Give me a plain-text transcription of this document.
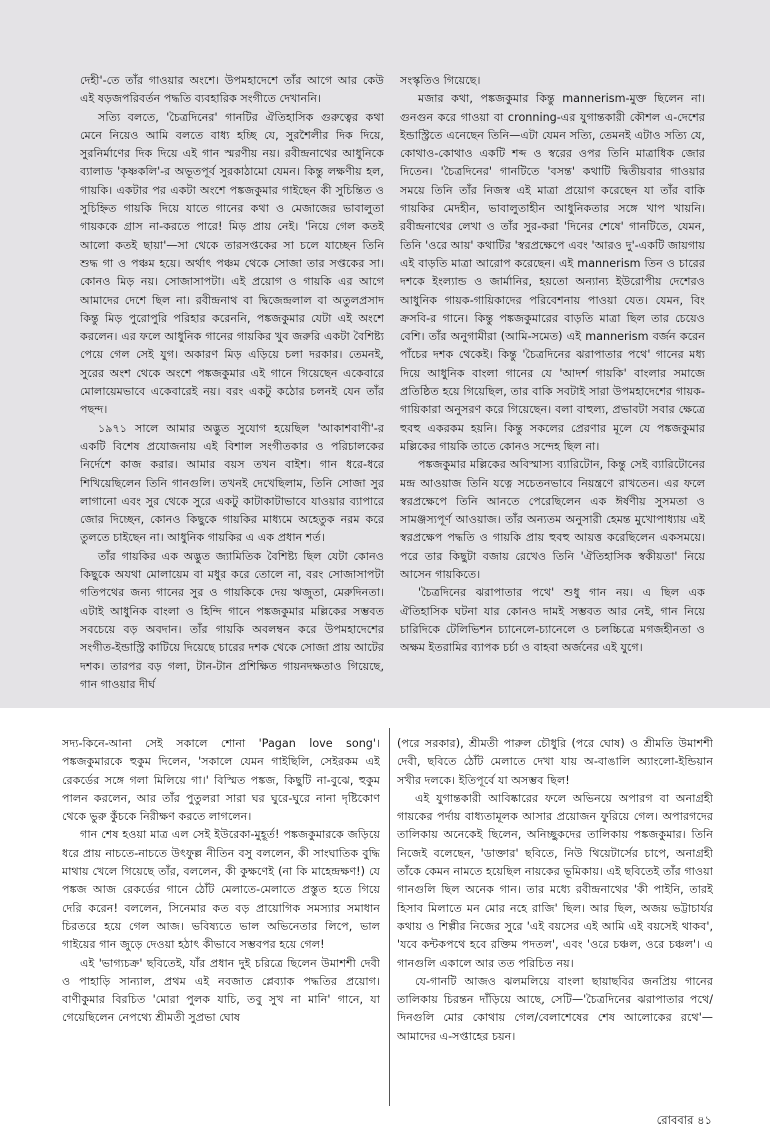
দেহী'-তে তাঁর গাওয়ার অংশে। উপমহাদেশে তাঁর আগে আর কেউ এই ষড়জপরিবর্তন পদ্ধতি ব্যবহারিক সংগীতে দেখাননি।

সত্যি বলতে, 'চৈত্রদিনের' গানটির ঐতিহাসিক গুরুত্বের কথা মেনে নিয়েও আমি বলতে বাধ্য হচ্ছি যে, সুরশৈলীর দিক দিয়ে, সুরনির্মাণের দিক দিয়ে এই গান স্মরণীয় নয়। রবীন্দ্রনাথের আধুনিকে ব্যালাড 'কৃষ্ণকলি'-র অভূতপূর্ব সুরকাঠামো যেমন। কিন্তু লক্ষণীয় হল, গায়কি। একটার পর একটা অংশে পঙ্কজকুমার গাইছেন কী সুচিন্তিত ও সুচিহ্নিত গায়কি দিয়ে যাতে গানের কথা ও মেজাজের ভাবালুতা গায়ককে গ্রাস না-করতে পারে! মিড় প্রায় নেই। 'নিয়ে গেল কতই আলো কতই ছায়া'—সা থেকে তারসপ্তকের সা চলে যাচ্ছেন তিনি শুদ্ধ গা ও পঞ্চম হয়ে। অর্থাৎ পঞ্চম থেকে সোজা তার সপ্তকের সা। কোনও মিড় নয়। সোজাসাপটা। এই প্রয়োগ ও গায়কি এর আগে আমাদের দেশে ছিল না। রবীন্দ্রনাথ বা দ্বিজেন্দ্রলাল বা অতুলপ্রসাদ কিন্তু মিড় পুরোপুরি পরিহার করেননি, পঙ্কজকুমার যেটা এই অংশে করলেন। এর ফলে আধুনিক গানের গায়কির খুব জরুরি একটা বৈশিষ্ট্য পেয়ে গেল সেই যুগ। অকারণ মিড় এড়িয়ে চলা দরকার। তেমনই, সুরের অংশ থেকে অংশে পঙ্কজকুমার এই গানে গিয়েছেন একেবারে মোলায়েমভাবে একেবারেই নয়। বরং একটু কঠোর চলনই যেন তাঁর পছন্দ।

১৯৭১ সালে আমার অদ্ভুত সুযোগ হয়েছিল 'আকাশবাণী'-র একটি বিশেষ প্রযোজনায় এই বিশাল সংগীতকার ও পরিচালকের নির্দেশে কাজ করার। আমার বয়স তখন বাইশ। গান ধরে-ধরে শিখিয়েছিলেন তিনি গানগুলি। তখনই দেখেছিলাম, তিনি সোজা সুর লাগানো এবং সুর থেকে সুরে একটু কাটাকাটাভাবে যাওয়ার ব্যাপারে জোর দিচ্ছেন, কোনও কিছুকে গায়কির মাধ্যমে অহেতুক নরম করে তুলতে চাইছেন না। আধুনিক গায়কির এ এক প্রধান শর্ত।

তাঁর গায়কির এক অদ্ভুত জ্যামিতিক বৈশিষ্ট্য ছিল যেটা কোনও কিছুকে অযথা মোলায়েম বা মধুর করে তোলে না, বরং সোজাসাপটা গতিপথের জন্য গানের সুর ও গায়কিকে দেয় ঋজুতা, মেরুদিনতা। এটাই আধুনিক বাংলা ও হিন্দি গানে পঙ্কজকুমার মল্লিকের সম্ভবত সবচেয়ে বড় অবদান। তাঁর গায়কি অবলম্বন করে উপমহাদেশের সংগীত-ইন্ডাস্ট্রি কাটিয়ে দিয়েছে চারের দশক থেকে সোজা প্রায় আটের দশক। তারপর বড় গলা, টান-টান প্রশিক্ষিত গায়নদক্ষতাও গিয়েছে, গান গাওয়ার দীর্ঘ

সংস্কৃতিও গিয়েছে।

মজার কথা, পঙ্কজকুমার কিন্তু mannerism-মুক্ত ছিলেন না। গুনগুন করে গাওয়া বা cronning-এর যুগান্তকারী কৌশল এ-দেশের ইন্ডাস্ট্রিতে এনেছেন তিনি—এটা যেমন সত্যি, তেমনই এটাও সত্যি যে, কোথাও-কোথাও একটি শব্দ ও স্বরের ওপর তিনি মাত্রাধিক জোর দিতেন। 'চৈত্রদিনের' গানটিতে 'বসন্ত' কথাটি দ্বিতীয়বার গাওয়ার সময়ে তিনি তাঁর নিজস্ব এই মাত্রা প্রয়োগ করেছেন যা তাঁর বাকি গায়কির মেদহীন, ভাবালুতাহীন আধুনিকতার সঙ্গে খাপ খায়নি। রবীন্দ্রনাথের লেখা ও তাঁর সুর-করা 'দিনের শেষে' গানটিতে, যেমন, তিনি 'ওরে আয়' কথাটির 'স্বরপ্রক্ষেপে এবং 'আরও দু'-একটি জায়গায় এই বাড়তি মাত্রা আরোপ করেছেন। এই mannerism তিন ও চারের দশকে ইংল্যান্ড ও জার্মানির, হয়তো অন্যান্য ইউরোপীয় দেশেরও আধুনিক গায়ক-গায়িকাদের পরিবেশনায় পাওয়া যেত। যেমন, বিং ক্রসবি-র গানে। কিন্তু পঙ্কজকুমারের বাড়তি মাত্রা ছিল তার চেয়েও বেশি। তাঁর অনুগামীরা (আমি-সমেত) এই mannerism বর্জন করেন পাঁচের দশক থেকেই। কিন্তু 'চৈত্রদিনের ঝরাপাতার পথে' গানের মধ্য দিয়ে আধুনিক বাংলা গানের যে 'আদর্শ গায়কি' বাংলার সমাজে প্রতিষ্ঠিত হয়ে গিয়েছিল, তার বাকি সবটাই সারা উপমহাদেশের গায়ক-গায়িকারা অনুসরণ করে গিয়েছেন। বলা বাহুল্য, প্রভাবটা সবার ক্ষেত্রে হুবহু একরকম হয়নি। কিন্তু সকলের প্রেরণার মূলে যে পঙ্কজকুমার মল্লিকের গায়কি তাতে কোনও সন্দেহ ছিল না।

পঙ্কজকুমার মল্লিকের অবিস্মাস্য ব্যারিটোন, কিন্তু সেই ব্যারিটোনের মন্দ্র আওয়াজ তিনি যত্নে সচেতনভাবে নিয়ন্ত্রণে রাখতেন। এর ফলে স্বরপ্রক্ষেপে তিনি আনতে পেরেছিলেন এক ঈর্ষণীয় সুসমতা ও সামঞ্জস্যপূর্ণ আওয়াজ। তাঁর অন্যতম অনুসারী হেমন্ত মুখোপাধ্যায় এই স্বরপ্রক্ষেপ পদ্ধতি ও গায়কি প্রায় হুবহু আয়ত্ত করেছিলেন একসময়ে। পরে তার কিছুটা বজায় রেখেও তিনি 'ঐতিহাসিক স্বকীয়তা' নিয়ে আসেন গায়কিতে।

'চৈত্রদিনের ঝরাপাতার পথে' শুধু গান নয়। এ ছিল এক ঐতিহাসিক ঘটনা যার কোনও দামই সম্ভবত আর নেই, গান নিয়ে চারিদিকে টেলিভিশন চ্যানেলে-চ্যানেলে ও চলচ্চিত্রে মগজহীনতা ও অক্ষম ইতরামির ব্যাপক চর্চা ও বাহবা অর্জনের এই যুগে।

সদ্য-কিনে-আনা সেই সকালে শোনা 'Pagan love song'। পঙ্কজকুমারকে হুকুম দিলেন, 'সকালে যেমন গাইছিলি, সেইরকম এই রেকর্ডের সঙ্গে গলা মিলিয়ে গা।' বিস্মিত পঙ্কজ, কিছুটি না-বুঝে, হুকুম পালন করলেন, আর তাঁর পুতুলরা সারা ঘর ঘুরে-ঘুরে নানা দৃষ্টিকোণ থেকে ভুরু কুঁচকে নিরীক্ষণ করতে লাগলেন।

গান শেষ হওয়া মাত্র এল সেই ইউরেকা-মুহূর্ত! পঙ্কজকুমারকে জড়িয়ে ধরে প্রায় নাচতে-নাচতে উৎফুল্ল নীতিন বসু বললেন, কী সাংঘাতিক বুদ্ধি মাথায় খেলে গিয়েছে তাঁর, বললেন, কী কুক্ষণেই (না কি মাহেন্দ্রক্ষণ!) যে পঙ্কজ আজ রেকর্ডের গানে ঠোঁট মেলাতে-মেলাতে প্রস্তুত হতে গিয়ে দেরি করেন! বললেন, সিনেমার কত বড় প্রায়োগিক সমস্যার সমাধান চিরতরে হয়ে গেল আজ। ভবিষ্যতে ভাল অভিনেতার লিপে, ভাল গাইয়ের গান জুড়ে দেওয়া হঠাৎ কীভাবে সম্ভবপর হয়ে গেল!

এই 'ভাগ্যচক্র' ছবিতেই, যাঁর প্রধান দুই চরিত্রে ছিলেন উমাশশী দেবী ও পাহাড়ি সান্যাল, প্রথম এই নবজাত প্লেব্যাক পদ্ধতির প্রয়োগ। বাণীকুমার বিরচিত 'মোরা পুলক যাচি, তবু সুখ না মানি' গানে, যা গেয়েছিলেন নেপথ্যে শ্রীমতী সুপ্রভা ঘোষ

(পরে সরকার), শ্রীমতী পারুল চৌধুরি (পরে ঘোষ) ও শ্রীমতি উমাশশী দেবী, ছবিতে ঠোঁট মেলাতে দেখা যায় অ-বাঙালি অ্যাংলো-ইন্ডিয়ান সখীর দলকে। ইতিপূর্বে যা অসম্ভব ছিল!

এই যুগান্তকারী আবিষ্কারের ফলে অভিনয়ে অপারগ বা অনাগ্রহী গায়কের পর্দায় বাধ্যতামূলক আসার প্রয়োজন ফুরিয়ে গেল। অপারগদের তালিকায় অনেকেই ছিলেন, অনিচ্ছুকদের তালিকায় পঙ্কজকুমার। তিনি নিজেই বলেছেন, 'ডাক্তার' ছবিতে, নিউ থিয়েটার্সের চাপে, অনাগ্রহী তাঁকে কেমন নামতে হয়েছিল নায়কের ভূমিকায়। এই ছবিতেই তাঁর গাওয়া গানগুলি ছিল অনেক গান। তার মধ্যে রবীন্দ্রনাথের 'কী পাইনি, তারই হিসাব মিলাতে মন মোর নহে রাজি' ছিল। আর ছিল, অজয় ভট্টাচার্যর কথায় ও শিল্পীর নিজের সুরে 'এই বয়সের এই আমি এই বয়সেই থাকব', 'যবে কন্টকপথে হবে রক্তিম পদতল', এবং 'ওরে চঞ্চল, ওরে চঞ্চল'। এ গানগুলি একালে আর তত পরিচিত নয়।

যে-গানটি আজও ঝলমলিয়ে বাংলা ছায়াছবির জনপ্রিয় গানের তালিকায় চিরন্তন দাঁড়িয়ে আছে, সেটি—'চৈত্রদিনের ঝরাপাতার পথে/দিনগুলি মোর কোথায় গেল/বেলাশেষের শেষ আলোকের রথে'—আমাদের এ-সপ্তাহের চয়ন।

রোববার ৪১
